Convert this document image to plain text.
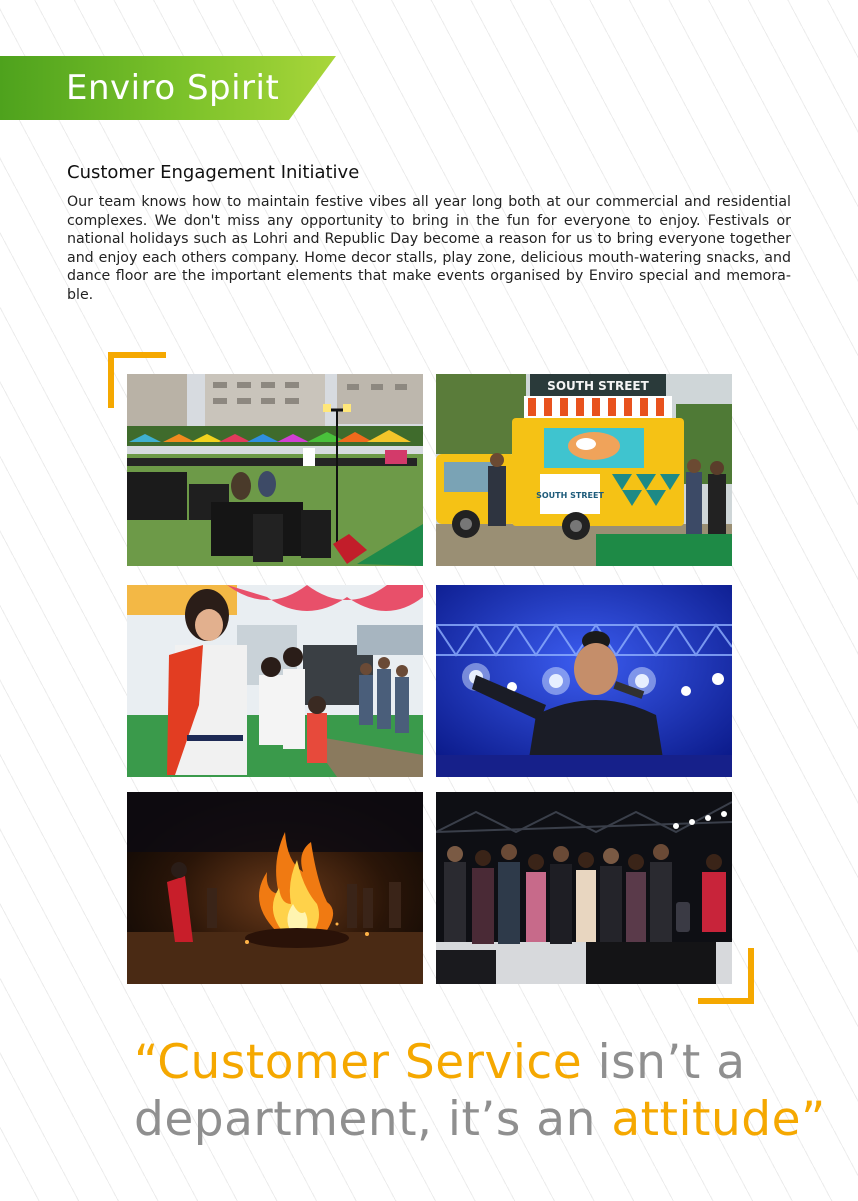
Enviro Spirit
Customer Engagement Initiative
Our team knows how to maintain festive vibes all year long both at our commercial and residential complexes. We don't miss any opportunity to bring in the fun for everyone to enjoy. Festivals or national holidays such as Lohri and Republic Day become a reason for us to bring everyone together and enjoy each others company. Home decor stalls, play zone, delicious mouth-watering snacks, and dance floor are the important elements that make events organised by Enviro special and memora-ble.
SOUTH STREET
SOUTH STREET
“Customer Service isn’t a
department, it’s an attitude”
